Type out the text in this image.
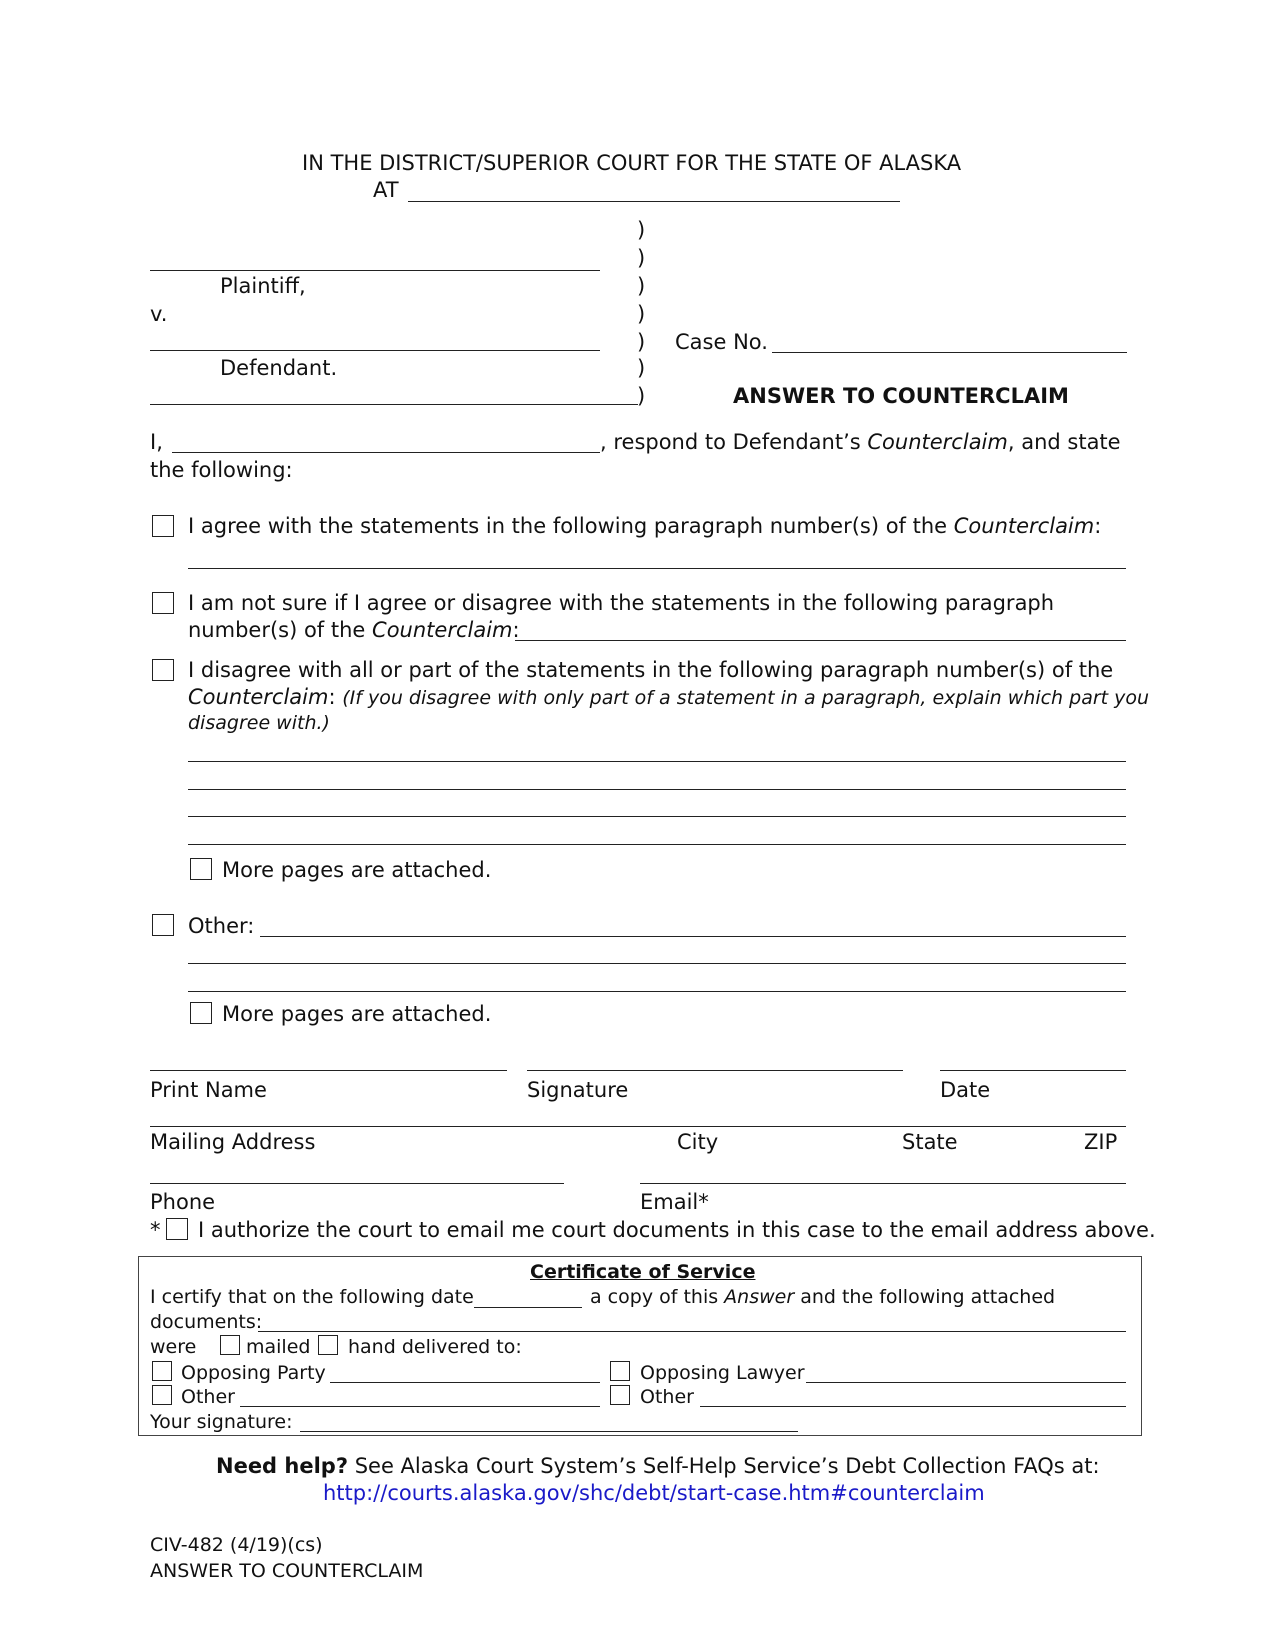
IN THE DISTRICT/SUPERIOR COURT FOR THE STATE OF ALASKA
AT
Plaintiff,
v.
Defendant.
)
)
)
)
)
)
)
Case No.
ANSWER TO COUNTERCLAIM
I,	, respond to Defendant’s Counterclaim, and state
the following:
I agree with the statements in the following paragraph number(s) of the Counterclaim:
I am not sure if I agree or disagree with the statements in the following paragraph
number(s) of the Counterclaim:
I disagree with all or part of the statements in the following paragraph number(s) of the
Counterclaim: (If you disagree with only part of a statement in a paragraph, explain which part you
disagree with.)
More pages are attached.
Other:
More pages are attached.
Print Name	Signature	Date
Mailing Address	City	State	ZIP
Phone	Email*
* I authorize the court to email me court documents in this case to the email address above.
Certificate of Service
I certify that on the following date	a copy of this Answer and the following attached
documents:
were	mailed hand delivered to:
Opposing Party	Opposing Lawyer
Other	Other
Your signature:
Need help? See Alaska Court System’s Self-Help Service’s Debt Collection FAQs at:
http://courts.alaska.gov/shc/debt/start-case.htm#counterclaim
CIV-482 (4/19)(cs)
ANSWER TO COUNTERCLAIM
